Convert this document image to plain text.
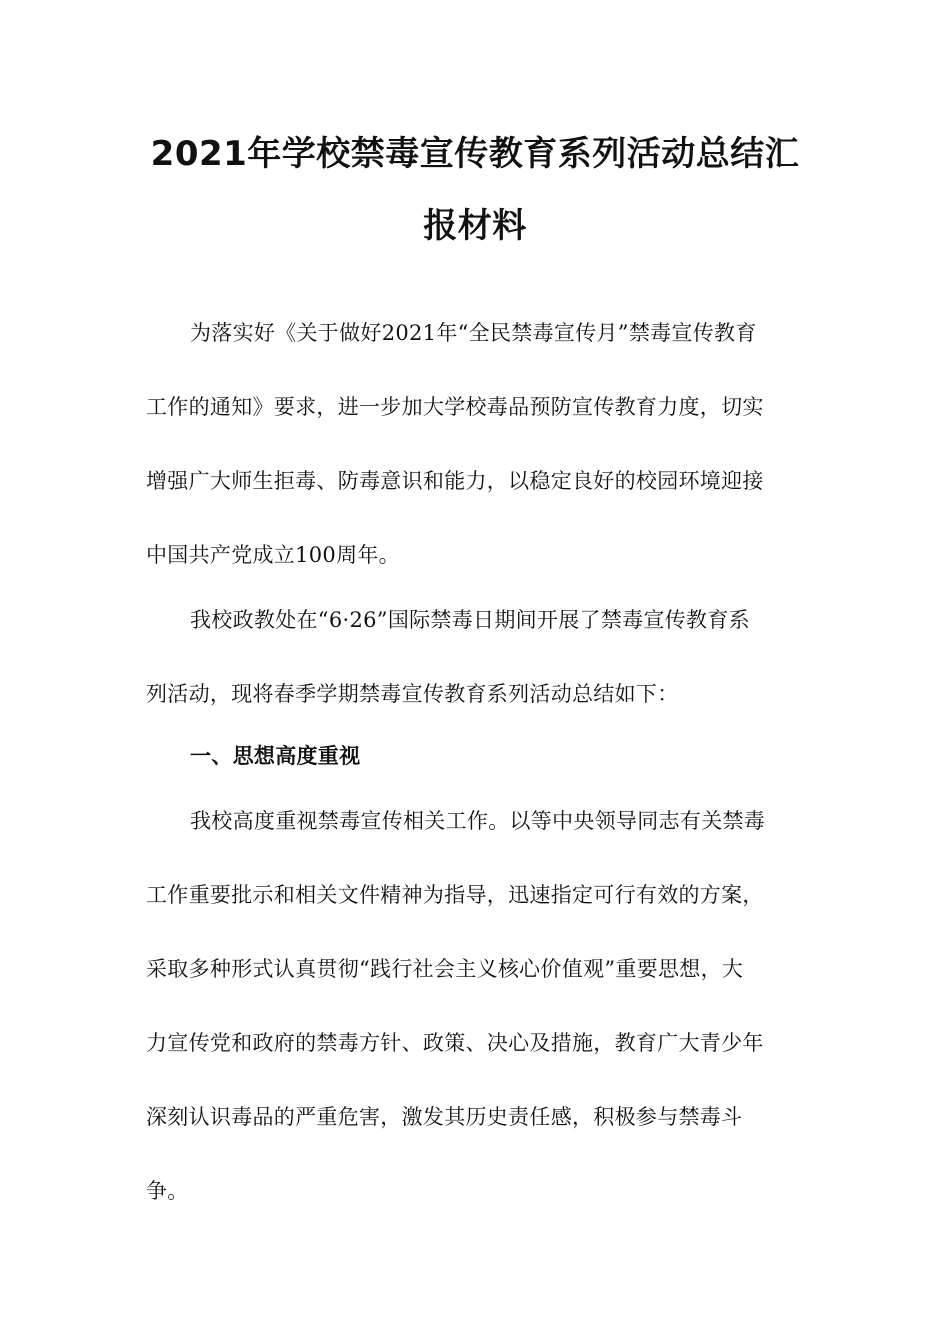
2021年学校禁毒宣传教育系列活动总结汇
报材料
为落实好《关于做好2021年“全民禁毒宣传月”禁毒宣传教育
工作的通知》要求，进一步加大学校毒品预防宣传教育力度，切实
增强广大师生拒毒、防毒意识和能力，以稳定良好的校园环境迎接
中国共产党成立100周年。
我校政教处在“6·26”国际禁毒日期间开展了禁毒宣传教育系
列活动，现将春季学期禁毒宣传教育系列活动总结如下：
一、思想高度重视
我校高度重视禁毒宣传相关工作。以等中央领导同志有关禁毒
工作重要批示和相关文件精神为指导，迅速指定可行有效的方案，
采取多种形式认真贯彻“践行社会主义核心价值观”重要思想，大
力宣传党和政府的禁毒方针、政策、决心及措施，教育广大青少年
深刻认识毒品的严重危害，激发其历史责任感，积极参与禁毒斗
争。
